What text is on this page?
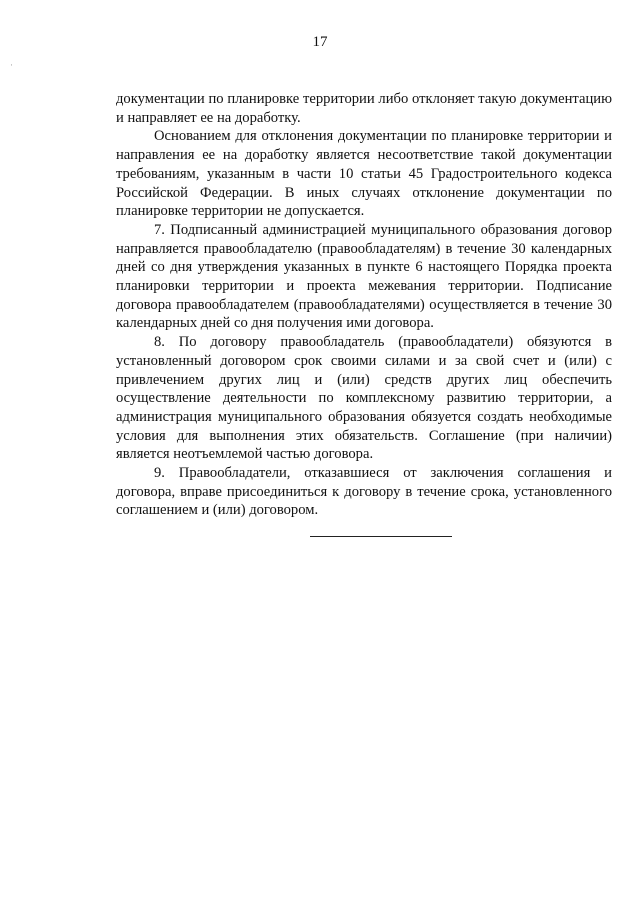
·
17

документации по планировке территории либо отклоняет такую документацию и направляет ее на доработку.

Основанием для отклонения документации по планировке территории и направления ее на доработку является несоответствие такой документации требованиям, указанным в части 10 статьи 45 Градостроительного кодекса Российской Федерации. В иных случаях отклонение документации по планировке территории не допускается.

7. Подписанный администрацией муниципального образования договор направляется правообладателю (правообладателям) в течение 30 календарных дней со дня утверждения указанных в пункте 6 настоящего Порядка проекта планировки территории и проекта межевания территории. Подписание договора правообладателем (правообладателями) осуществляется в течение 30 календарных дней со дня получения ими договора.

8. По договору правообладатель (правообладатели) обязуются в установленный договором срок своими силами и за свой счет и (или) с привлечением других лиц и (или) средств других лиц обеспечить осуществление деятельности по комплексному развитию территории, а администрация муниципального образования обязуется создать необходимые условия для выполнения этих обязательств. Соглашение (при наличии) является неотъемлемой частью договора.

9. Правообладатели, отказавшиеся от заключения соглашения и договора, вправе присоединиться к договору в течение срока, установленного соглашением и (или) договором.
